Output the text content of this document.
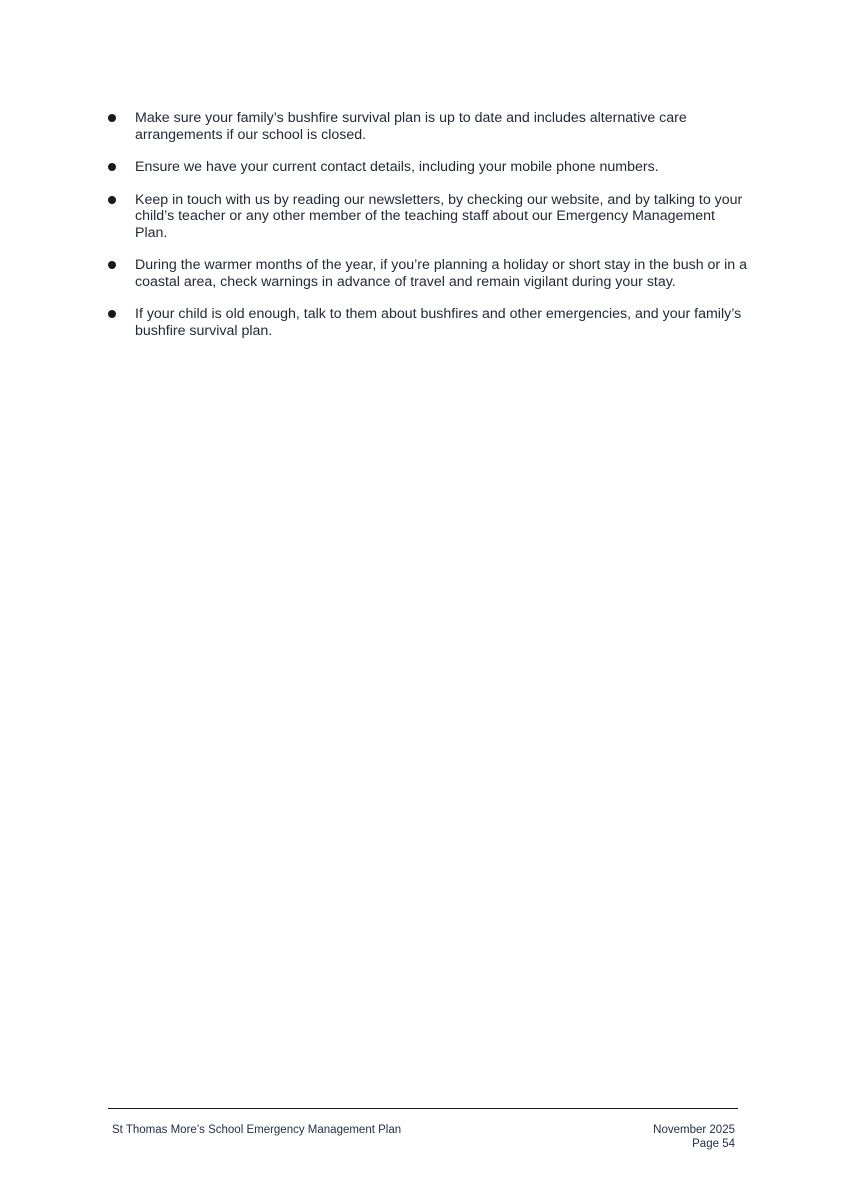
Make sure your family’s bushfire survival plan is up to date and includes alternative care arrangements if our school is closed.
Ensure we have your current contact details, including your mobile phone numbers.
Keep in touch with us by reading our newsletters, by checking our website, and by talking to your child’s teacher or any other member of the teaching staff about our Emergency Management Plan.
During the warmer months of the year, if you’re planning a holiday or short stay in the bush or in a coastal area, check warnings in advance of travel and remain vigilant during your stay.
If your child is old enough, talk to them about bushfires and other emergencies, and your family’s bushfire survival plan.
St Thomas More’s School Emergency Management Plan	November 2025
Page 54
